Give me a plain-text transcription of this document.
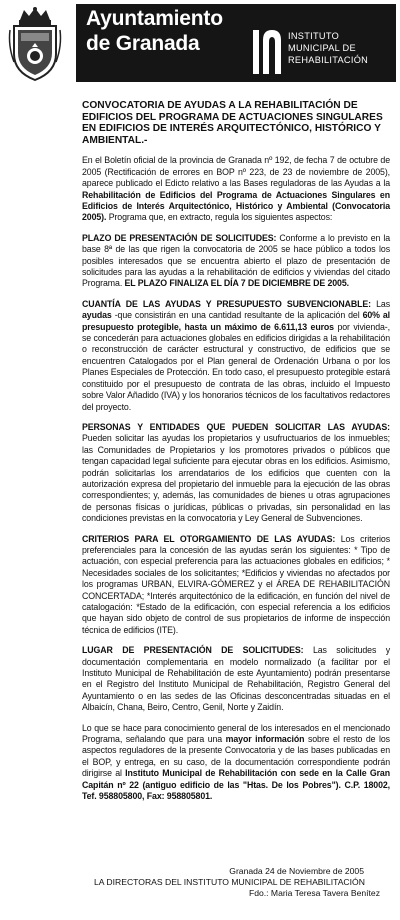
Ayuntamiento
de Granada	INSTITUTO
MUNICIPAL DE
REHABILITACIÓN
CONVOCATORIA DE AYUDAS A LA REHABILITACIÓN DE EDIFICIOS DEL PROGRAMA DE ACTUACIONES SINGULARES EN EDIFICIOS DE INTERÉS ARQUITECTÓNICO, HISTÓRICO Y AMBIENTAL.-

En el Boletín oficial de la provincia de Granada nº 192, de fecha 7 de octubre de 2005 (Rectificación de errores en BOP nº 223, de 23 de noviembre de 2005), aparece publicado el Edicto relativo a las Bases reguladoras de las Ayudas a la Rehabilitación de Edificios del Programa de Actuaciones Singulares en Edificios de Interés Arquitectónico, Histórico y Ambiental (Convocatoria 2005). Programa que, en extracto, regula los siguientes aspectos:

PLAZO DE PRESENTACIÓN DE SOLICITUDES: Conforme a lo previsto en la base 8ª de las que rigen la convocatoria de 2005 se hace público a todos los posibles interesados que se encuentra abierto el plazo de presentación de solicitudes para las ayudas a la rehabilitación de edificios y viviendas del citado Programa. EL PLAZO FINALIZA EL DÍA 7 DE DICIEMBRE DE 2005.

CUANTÍA DE LAS AYUDAS Y PRESUPUESTO SUBVENCIONABLE: Las ayudas -que consistirán en una cantidad resultante de la aplicación del 60% al presupuesto protegible, hasta un máximo de 6.611,13 euros por vivienda-, se concederán para actuaciones globales en edificios dirigidas a la rehabilitación o reconstrucción de carácter estructural y constructivo, de edificios que se encuentren Catalogados por el Plan general de Ordenación Urbana o por los Planes Especiales de Protección. En todo caso, el presupuesto protegible estará constituido por el presupuesto de contrata de las obras, incluido el Impuesto sobre Valor Añadido (IVA) y los honorarios técnicos de los facultativos redactores del proyecto.

PERSONAS Y ENTIDADES QUE PUEDEN SOLICITAR LAS AYUDAS: Pueden solicitar las ayudas los propietarios y usufructuarios de los inmuebles; las Comunidades de Propietarios y los promotores privados o públicos que tengan capacidad legal suficiente para ejecutar obras en los edificios. Asimismo, podrán solicitarlas los arrendatarios de los edificios que cuenten con la autorización expresa del propietario del inmueble para la ejecución de las obras correspondientes; y, además, las comunidades de bienes u otras agrupaciones de personas físicas o jurídicas, públicas o privadas, sin personalidad en las condiciones previstas en la convocatoria y Ley General de Subvenciones.

CRITERIOS PARA EL OTORGAMIENTO DE LAS AYUDAS: Los criterios preferenciales para la concesión de las ayudas serán los siguientes: * Tipo de actuación, con especial preferencia para las actuaciones globales en edificios; * Necesidades sociales de los solicitantes; *Edificios y viviendas no afectados por los programas URBAN, ELVIRA-GÓMEREZ y el ÁREA DE REHABILITACIÓN CONCERTADA; *Interés arquitectónico de la edificación, en función del nivel de catalogación: *Estado de la edificación, con especial referencia a los edificios que hayan sido objeto de control de sus propietarios de informe de inspección técnica de edificios (ITE).

LUGAR DE PRESENTACIÓN DE SOLICITUDES: Las solicitudes y documentación complementaria en modelo normalizado (a facilitar por el Instituto Municipal de Rehabilitación de este Ayuntamiento) podrán presentarse en el Registro del Instituto Municipal de Rehabilitación, Registro General del Ayuntamiento o en las sedes de las Oficinas desconcentradas situadas en el Albaicín, Chana, Beiro, Centro, Genil, Norte y Zaidín.

Lo que se hace para conocimiento general de los interesados en el mencionado Programa, señalando que para una mayor información sobre el resto de los aspectos reguladores de la presente Convocatoria y de las bases publicadas en el BOP, y entrega, en su caso, de la documentación correspondiente podrán dirigirse al Instituto Municipal de Rehabilitación con sede en la Calle Gran Capitán nº 22 (antiguo edificio de las "Htas. De los Pobres"). C.P. 18002, Tef. 958805800, Fax: 958805801.

Granada 24 de Noviembre de 2005
LA DIRECTORAS DEL INSTITUTO MUNICIPAL DE REHABILITACIÓN
Fdo.: Maria Teresa Tavera Benítez
